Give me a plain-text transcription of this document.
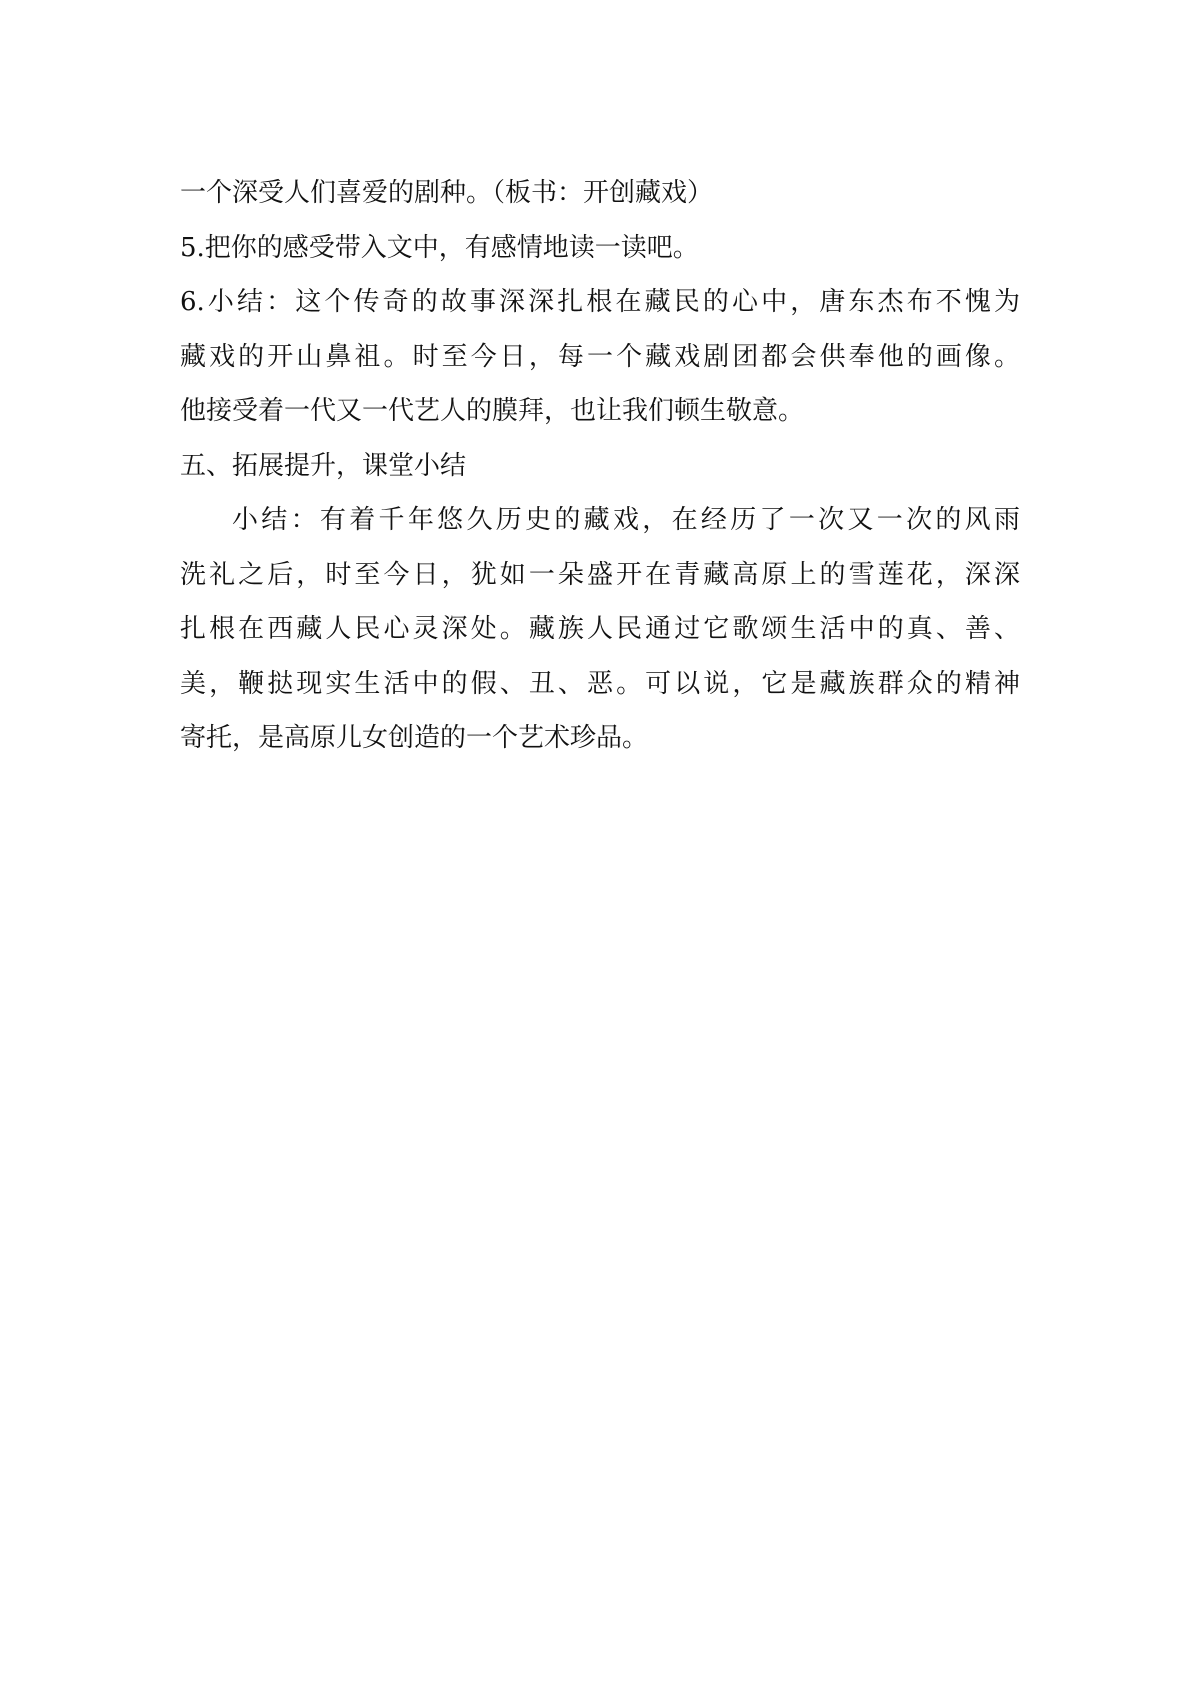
一个深受人们喜爱的剧种。（板书：开创藏戏）
5.把你的感受带入文中，有感情地读一读吧。
6.小结：这个传奇的故事深深扎根在藏民的心中，唐东杰布不愧为
藏戏的开山鼻祖。时至今日，每一个藏戏剧团都会供奉他的画像。
他接受着一代又一代艺人的膜拜，也让我们顿生敬意。
五、拓展提升，课堂小结
小结：有着千年悠久历史的藏戏，在经历了一次又一次的风雨
洗礼之后，时至今日，犹如一朵盛开在青藏高原上的雪莲花，深深
扎根在西藏人民心灵深处。藏族人民通过它歌颂生活中的真、善、
美，鞭挞现实生活中的假、丑、恶。可以说，它是藏族群众的精神
寄托，是高原儿女创造的一个艺术珍品。
